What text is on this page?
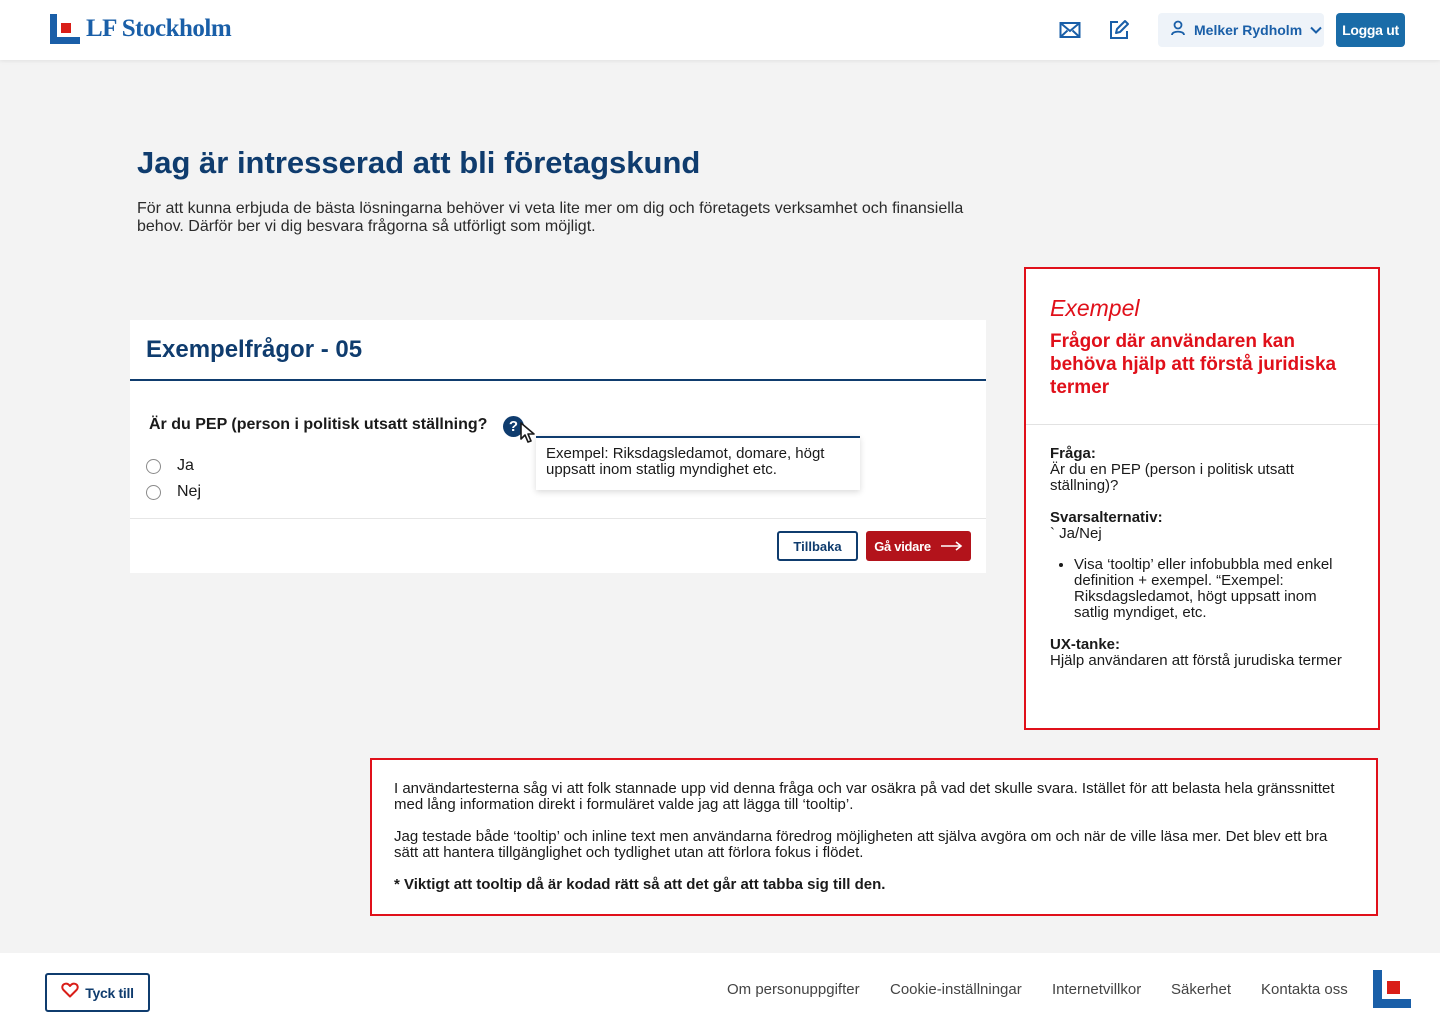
LF Stockholm	Melker Rydholm	Logga ut
Jag är intresserad att bli företagskund

För att kunna erbjuda de bästa lösningarna behöver vi veta lite mer om dig och företagets verksamhet och finansiella behov. Därför ber vi dig besvara frågorna så utförligt som möjligt.

Exempelfrågor - 05
Är du PEP (person i politisk utsatt ställning?	?
Exempel: Riksdagsledamot, domare, högt uppsatt inom statlig myndighet etc.
Ja
Nej
Tillbaka	Gå vidare
Exempel
Frågor där användaren kan behöva hjälp att förstå juridiska termer
Fråga:
Är du en PEP (person i politisk utsatt ställning)?
Svarsalternativ:
` Ja/Nej
• Visa ‘tooltip’ eller infobubbla med enkel definition + exempel. “Exempel: Riksdagsledamot, högt uppsatt inom satlig myndiget, etc.
UX-tanke:
Hjälp användaren att förstå jurudiska termer

I användartesterna såg vi att folk stannade upp vid denna fråga och var osäkra på vad det skulle svara. Istället för att belasta hela gränssnittet med lång information direkt i formuläret valde jag att lägga till ‘tooltip’.

Jag testade både ‘tooltip’ och inline text men användarna föredrog möjligheten att själva avgöra om och när de ville läsa mer. Det blev ett bra sätt att hantera tillgänglighet och tydlighet utan att förlora fokus i flödet.

* Viktigt att tooltip då är kodad rätt så att det går att tabba sig till den.

Tyck till	Om personuppgifter Cookie-inställningar Internetvillkor Säkerhet Kontakta oss
